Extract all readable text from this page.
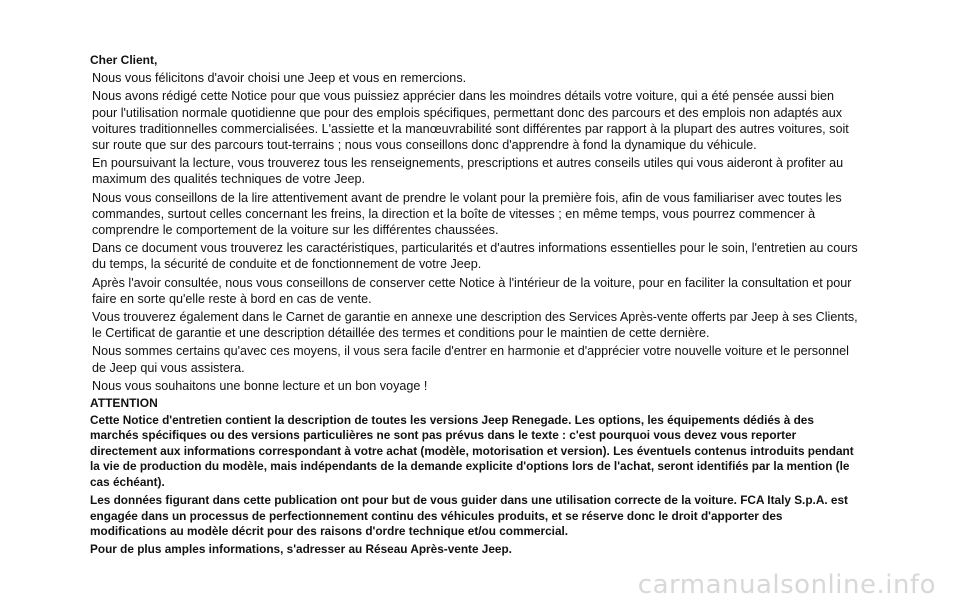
Cher Client,
Nous vous félicitons d'avoir choisi une Jeep et vous en remercions.
Nous avons rédigé cette Notice pour que vous puissiez apprécier dans les moindres détails votre voiture, qui a été pensée aussi bien pour l'utilisation normale quotidienne que pour des emplois spécifiques, permettant donc des parcours et des emplois non adaptés aux voitures traditionnelles commercialisées. L'assiette et la manœuvrabilité sont différentes par rapport à la plupart des autres voitures, soit sur route que sur des parcours tout-terrains ; nous vous conseillons donc d'apprendre à fond la dynamique du véhicule.
En poursuivant la lecture, vous trouverez tous les renseignements, prescriptions et autres conseils utiles qui vous aideront à profiter au maximum des qualités techniques de votre Jeep.
Nous vous conseillons de la lire attentivement avant de prendre le volant pour la première fois, afin de vous familiariser avec toutes les commandes, surtout celles concernant les freins, la direction et la boîte de vitesses ; en même temps, vous pourrez commencer à comprendre le comportement de la voiture sur les différentes chaussées.
Dans ce document vous trouverez les caractéristiques, particularités et d'autres informations essentielles pour le soin, l'entretien au cours du temps, la sécurité de conduite et de fonctionnement de votre Jeep.
Après l'avoir consultée, nous vous conseillons de conserver cette Notice à l'intérieur de la voiture, pour en faciliter la consultation et pour faire en sorte qu'elle reste à bord en cas de vente.
Vous trouverez également dans le Carnet de garantie en annexe une description des Services Après-vente offerts par Jeep à ses Clients, le Certificat de garantie et une description détaillée des termes et conditions pour le maintien de cette dernière.
Nous sommes certains qu'avec ces moyens, il vous sera facile d'entrer en harmonie et d'apprécier votre nouvelle voiture et le personnel de Jeep qui vous assistera.
Nous vous souhaitons une bonne lecture et un bon voyage !
ATTENTION
Cette Notice d'entretien contient la description de toutes les versions Jeep Renegade. Les options, les équipements dédiés à des marchés spécifiques ou des versions particulières ne sont pas prévus dans le texte : c'est pourquoi vous devez vous reporter directement aux informations correspondant à votre achat (modèle, motorisation et version). Les éventuels contenus introduits pendant la vie de production du modèle, mais indépendants de la demande explicite d'options lors de l'achat, seront identifiés par la mention (le cas échéant).
Les données figurant dans cette publication ont pour but de vous guider dans une utilisation correcte de la voiture. FCA Italy S.p.A. est engagée dans un processus de perfectionnement continu des véhicules produits, et se réserve donc le droit d'apporter des modifications au modèle décrit pour des raisons d'ordre technique et/ou commercial.
Pour de plus amples informations, s'adresser au Réseau Après-vente Jeep.
carmanualsonline.info
